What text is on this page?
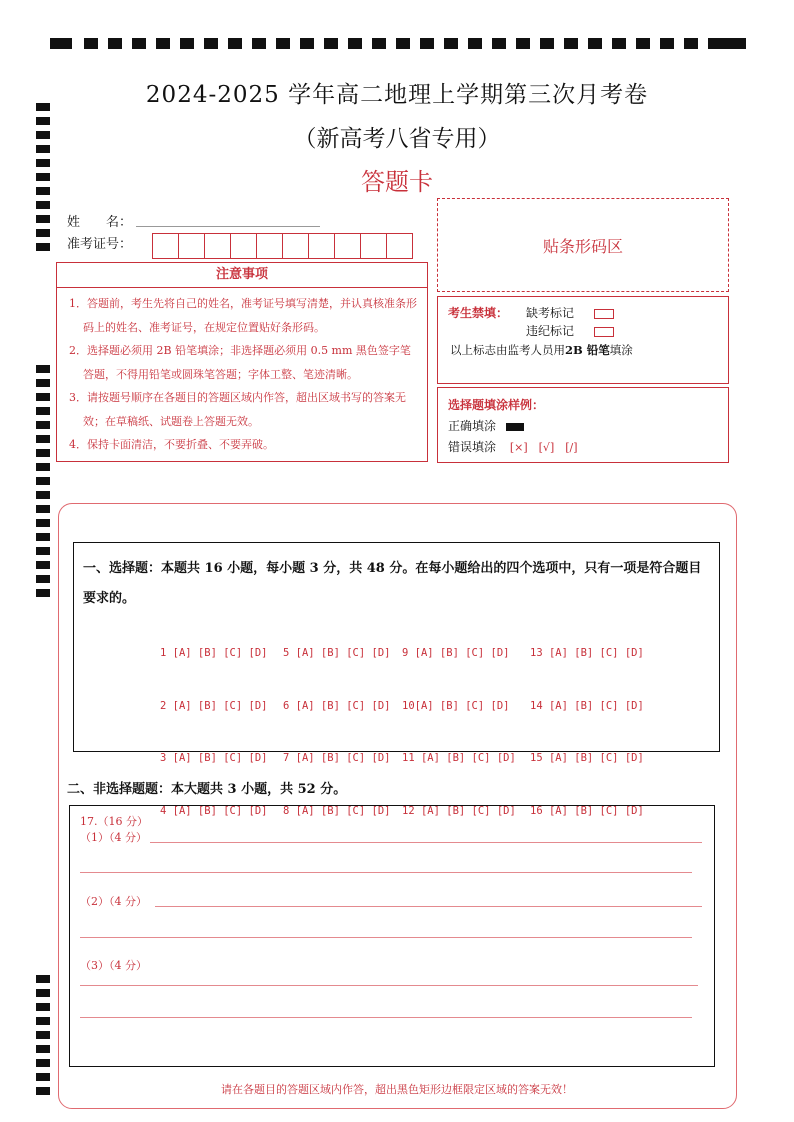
2024-2025 学年高二地理上学期第三次月考卷
（新高考八省专用）
答题卡
姓　　名：
准考证号：
注意事项

1．答题前，考生先将自己的姓名，准考证号填写清楚，并认真核准条形码上的姓名、准考证号，在规定位置贴好条形码。

2．选择题必须用 2B 铅笔填涂；非选择题必须用 0.5 mm 黑色签字笔答题，不得用铅笔或圆珠笔答题；字体工整、笔迹清晰。

3．请按题号顺序在各题目的答题区域内作答，超出区域书写的答案无效；在草稿纸、试题卷上答题无效。

4．保持卡面清洁，不要折叠、不要弄破。

贴条形码区
考生禁填： 缺考标记
违纪标记
以上标志由监考人员用2B 铅笔填涂
选择题填涂样例：
正确填涂
错误填涂 [×]　[√]　[/]
一、选择题：本题共 16 小题，每小题 3 分，共 48 分。在每小题给出的四个选项中，只有一项是符合题目要求的。

1 [A] [B] [C] [D]

2 [A] [B] [C] [D]

3 [A] [B] [C] [D]

4 [A] [B] [C] [D]

5 [A] [B] [C] [D]

6 [A] [B] [C] [D]

7 [A] [B] [C] [D]

8 [A] [B] [C] [D]

9 [A] [B] [C] [D]

10[A] [B] [C] [D]

11 [A] [B] [C] [D]

12 [A] [B] [C] [D]

13 [A] [B] [C] [D]

14 [A] [B] [C] [D]

15 [A] [B] [C] [D]

16 [A] [B] [C] [D]

二、非选择题题：本大题共 3 小题，共 52 分。
17.（16 分）
（1）（4 分）
（2）（4 分）
（3）（4 分）
请在各题目的答题区域内作答，超出黑色矩形边框限定区域的答案无效！
